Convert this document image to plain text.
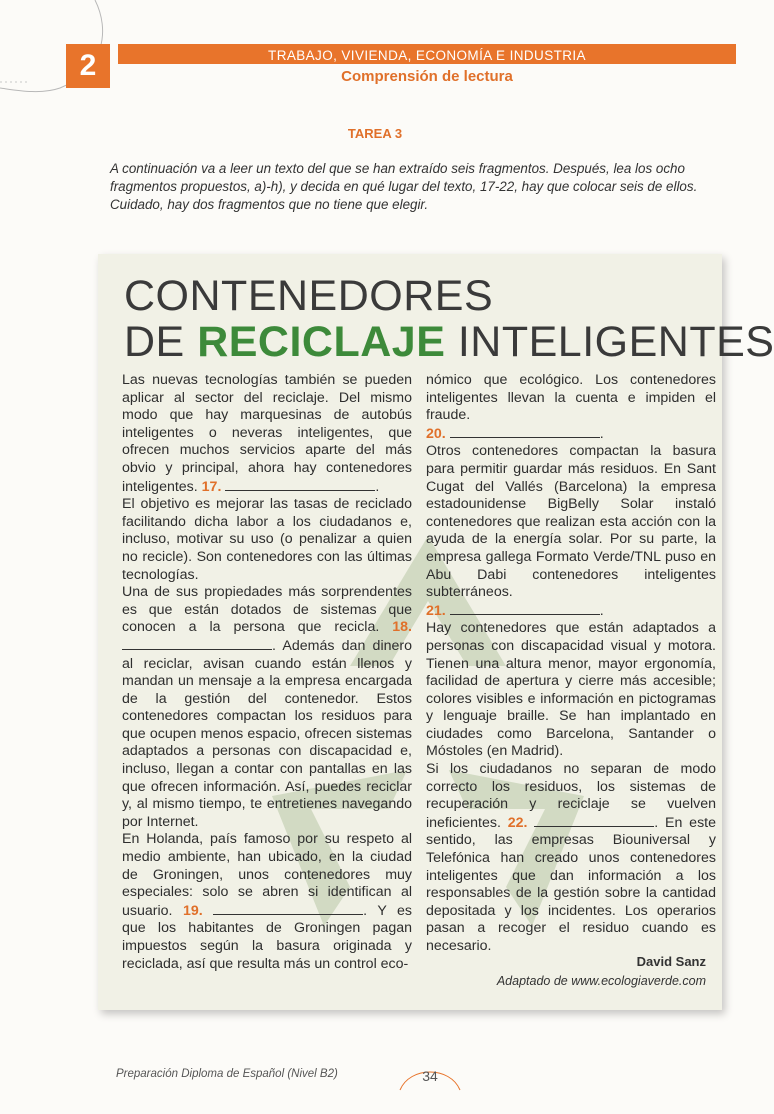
2	TRABAJO, VIVIENDA, ECONOMÍA E INDUSTRIA
Comprensión de lectura
TAREA 3
A continuación va a leer un texto del que se han extraído seis fragmentos. Después, lea los ocho fragmentos propuestos, a)-h), y decida en qué lugar del texto, 17-22, hay que colocar seis de ellos. Cuidado, hay dos fragmentos que no tiene que elegir.
CONTENEDORES
DE RECICLAJE INTELIGENTES

Las nuevas tecnologías también se pueden aplicar al sector del reciclaje. Del mismo modo que hay marquesinas de autobús inteligentes o neveras inteligentes, que ofrecen muchos servicios aparte del más obvio y principal, ahora hay contenedores inteligentes. 17.	.

El objetivo es mejorar las tasas de reciclado facilitando dicha labor a los ciudadanos e, incluso, motivar su uso (o penalizar a quien no recicle). Son contenedores con las últimas tecnologías.

Una de sus propiedades más sorprendentes es que están dotados de sistemas que conocen a la persona que recicla. 18. . Además dan dinero al reciclar, avisan cuando están llenos y mandan un mensaje a la empresa encargada de la gestión del contenedor. Estos contenedores compactan los residuos para que ocupen menos espacio, ofrecen sistemas adaptados a personas con discapacidad e, incluso, llegan a contar con pantallas en las que ofrecen información. Así, puedes reciclar y, al mismo tiempo, te entretienes navegando por Internet.

En Holanda, país famoso por su respeto al medio ambiente, han ubicado, en la ciudad de Groningen, unos contenedores muy especiales: solo se abren si identifican al usuario. 19.	. Y es que los habitantes de Groningen pagan impuestos según la basura originada y reciclada, así que resulta más un control eco-

nómico que ecológico. Los contenedores inteligentes llevan la cuenta e impiden el fraude.

20.	.

Otros contenedores compactan la basura para permitir guardar más residuos. En Sant Cugat del Vallés (Barcelona) la empresa estadounidense BigBelly Solar instaló contenedores que realizan esta acción con la ayuda de la energía solar. Por su parte, la empresa gallega Formato Verde/TNL puso en Abu Dabi contenedores inteligentes subterráneos.

21.	.

Hay contenedores que están adaptados a personas con discapacidad visual y motora. Tienen una altura menor, mayor ergonomía, facilidad de apertura y cierre más accesible; colores visibles e información en pictogramas y lenguaje braille. Se han implantado en ciudades como Barcelona, Santander o Móstoles (en Madrid).

Si los ciudadanos no separan de modo correcto los residuos, los sistemas de recuperación y reciclaje se vuelven ineficientes. 22.	. En este sentido, las empresas Biouniversal y Telefónica han creado unos contenedores inteligentes que dan información a los responsables de la gestión sobre la cantidad depositada y los incidentes. Los operarios pasan a recoger el residuo cuando es necesario.

David Sanz
Adaptado de www.ecologiaverde.com
Preparación Diploma de Español (Nivel B2)	34
